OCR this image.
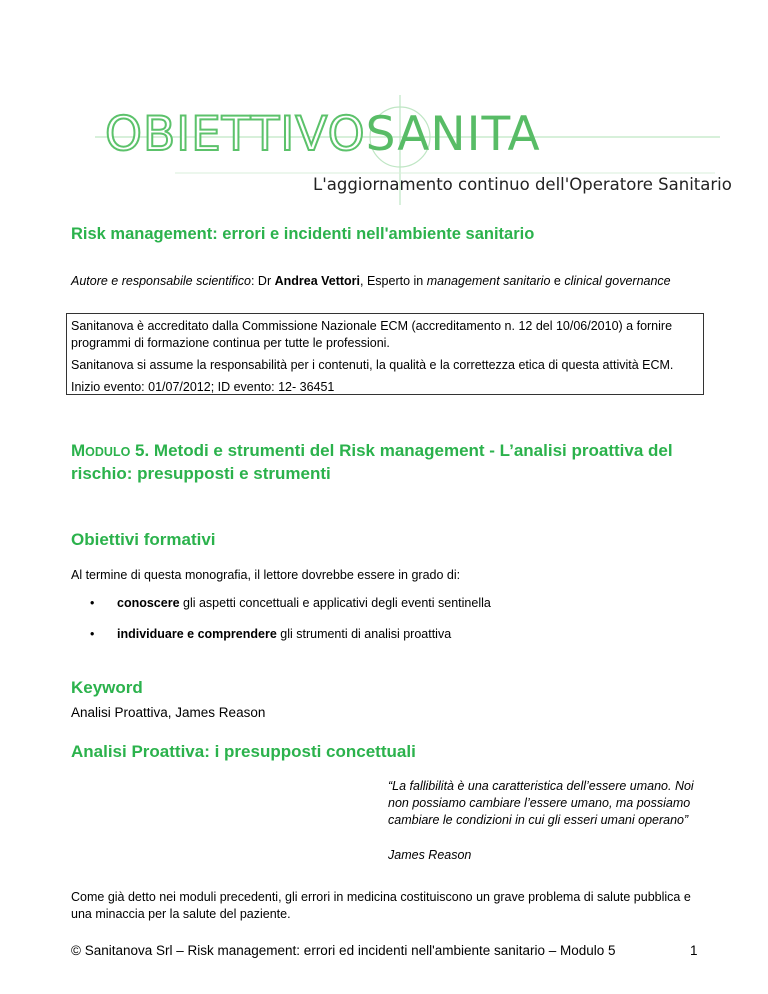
OBIETTIVOSANITA
L'aggiornamento continuo dell'Operatore Sanitario
Risk management: errori e incidenti nell'ambiente sanitario
Autore e responsabile scientifico: Dr Andrea Vettori, Esperto in management sanitario e clinical governance

Sanitanova è accreditato dalla Commissione Nazionale ECM (accreditamento n. 12 del 10/06/2010) a fornire programmi di formazione continua per tutte le professioni.

Sanitanova si assume la responsabilità per i contenuti, la qualità e la correttezza etica di questa attività ECM.

Inizio evento: 01/07/2012; ID evento: 12- 36451

MODULO 5. Metodi e strumenti del Risk management - L’analisi proattiva del rischio: presupposti e strumenti
Obiettivi formativi
Al termine di questa monografia, il lettore dovrebbe essere in grado di:
• conoscere gli aspetti concettuali e applicativi degli eventi sentinella
• individuare e comprendere gli strumenti di analisi proattiva
Keyword
Analisi Proattiva, James Reason
Analisi Proattiva: i presupposti concettuali
“La fallibilità è una caratteristica dell’essere umano. Noi non possiamo cambiare l’essere umano, ma possiamo cambiare le condizioni in cui gli esseri umani operano”
James Reason
Come già detto nei moduli precedenti, gli errori in medicina costituiscono un grave problema di salute pubblica e una minaccia per la salute del paziente.
© Sanitanova Srl – Risk management: errori ed incidenti nell'ambiente sanitario – Modulo 5	1
